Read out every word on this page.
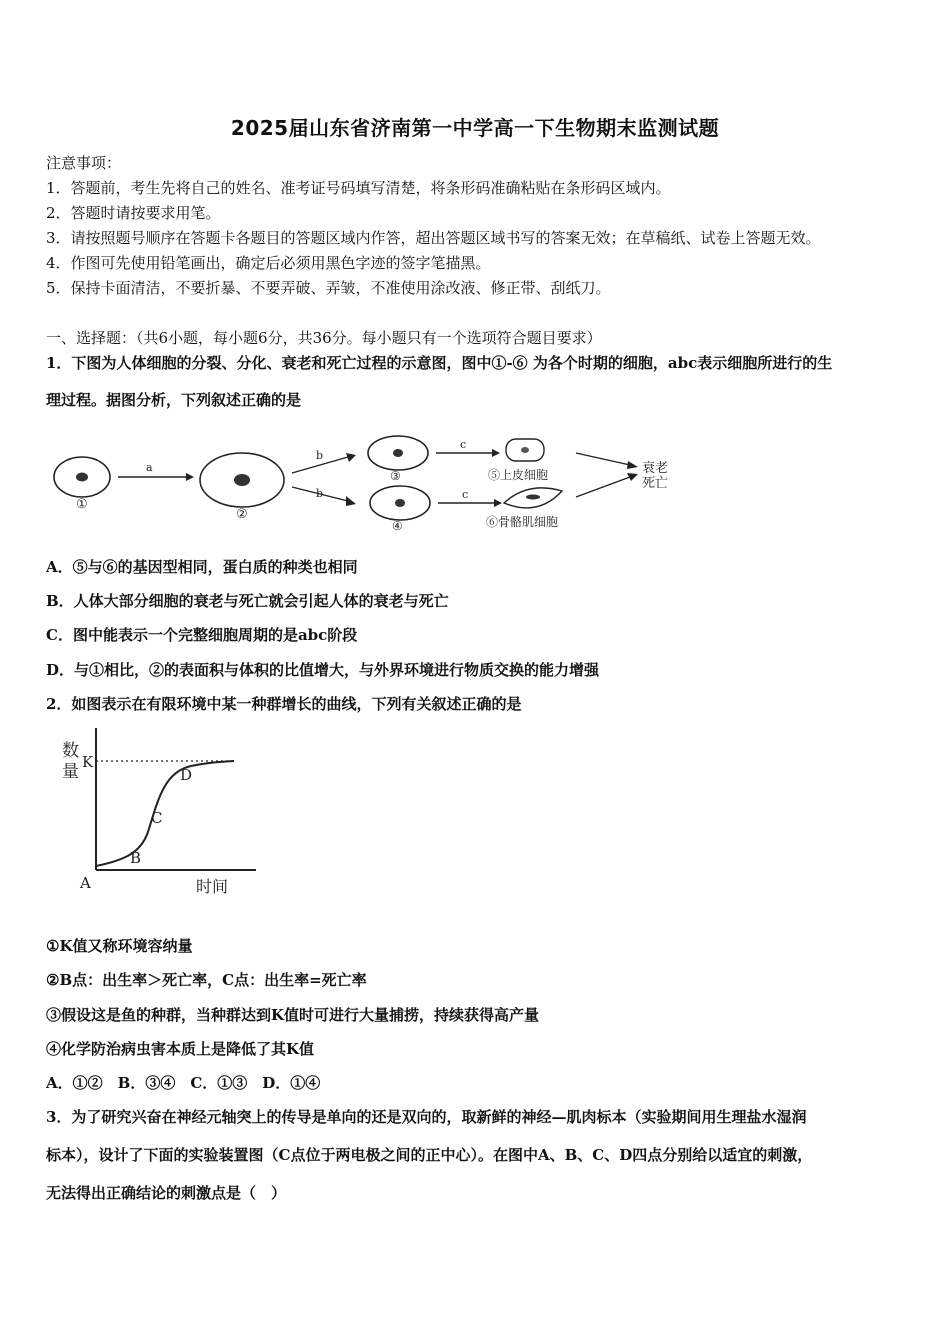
2025届山东省济南第一中学高一下生物期末监测试题
注意事项：
1．答题前，考生先将自己的姓名、准考证号码填写清楚，将条形码准确粘贴在条形码区域内。
2．答题时请按要求用笔。
3．请按照题号顺序在答题卡各题目的答题区域内作答，超出答题区域书写的答案无效；在草稿纸、试卷上答题无效。
4．作图可先使用铅笔画出，确定后必须用黑色字迹的签字笔描黑。
5．保持卡面清洁，不要折暴、不要弄破、弄皱，不准使用涂改液、修正带、刮纸刀。
一、选择题：（共6小题，每小题6分，共36分。每小题只有一个选项符合题目要求）
1．下图为人体细胞的分裂、分化、衰老和死亡过程的示意图，图中①-⑥ 为各个时期的细胞，abc表示细胞所进行的生
理过程。据图分析，下列叙述正确的是
①
a
②
b
b
③
④
c
c
⑤上皮细胞
⑥骨骼肌细胞
衰老
死亡
A．⑤与⑥的基因型相同，蛋白质的种类也相同
B．人体大部分细胞的衰老与死亡就会引起人体的衰老与死亡
C．图中能表示一个完整细胞周期的是abc阶段
D．与①相比，②的表面积与体积的比值增大，与外界环境进行物质交换的能力增强
2．如图表示在有限环境中某一种群增长的曲线，下列有关叙述正确的是
数
量 K
A
B
C
D
时间
①K值又称环境容纳量
②B点：出生率＞死亡率，C点：出生率=死亡率
③假设这是鱼的种群，当种群达到K值时可进行大量捕捞，持续获得高产量
④化学防治病虫害本质上是降低了其K值
A．①②　B．③④　C．①③　D．①④
3．为了研究兴奋在神经元轴突上的传导是单向的还是双向的，取新鲜的神经—肌肉标本（实验期间用生理盐水湿润
标本），设计了下面的实验装置图（C点位于两电极之间的正中心）。在图中A、B、C、D四点分别给以适宜的刺激，
无法得出正确结论的刺激点是（　）
